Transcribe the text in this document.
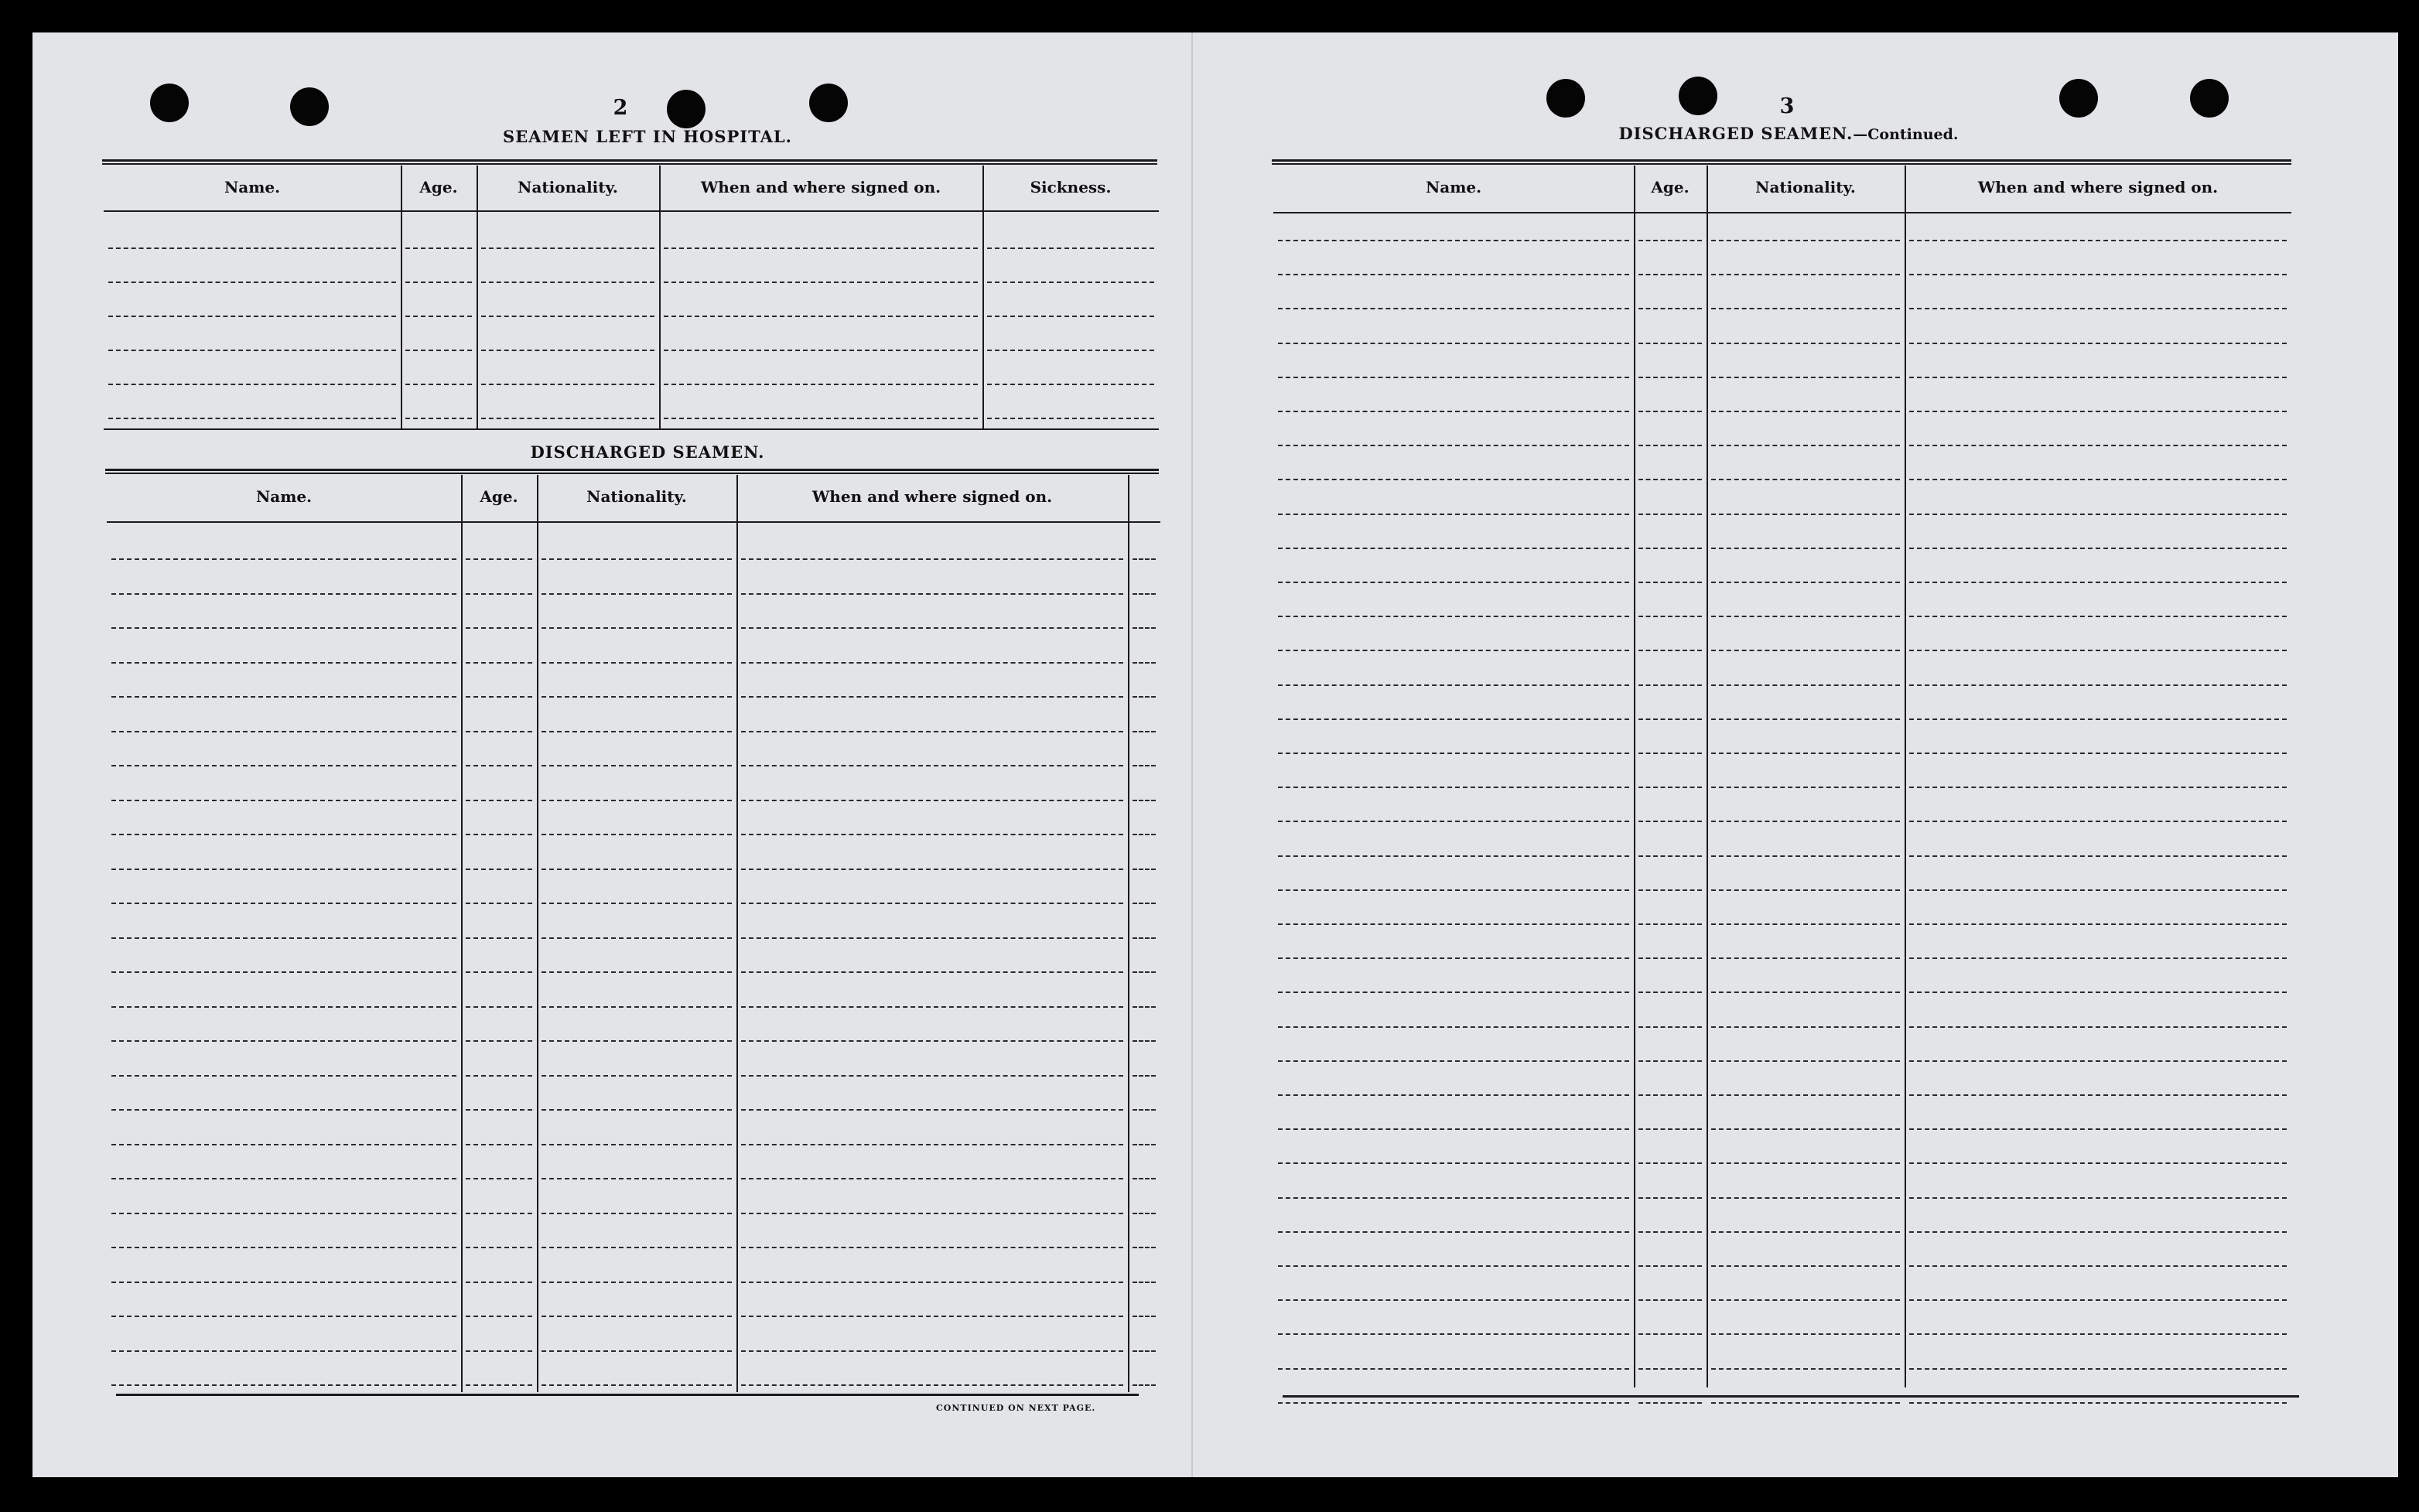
2
SEAMEN LEFT IN HOSPITAL.
DISCHARGED SEAMEN.
CONTINUED ON NEXT PAGE.
3
DISCHARGED SEAMEN.—Continued.
Name.	Age.	Nationality.	When and where signed on.	Sickness.
Name.	Age.	Nationality.	When and where signed on.
Name.	Age.	Nationality.	When and where signed on.
